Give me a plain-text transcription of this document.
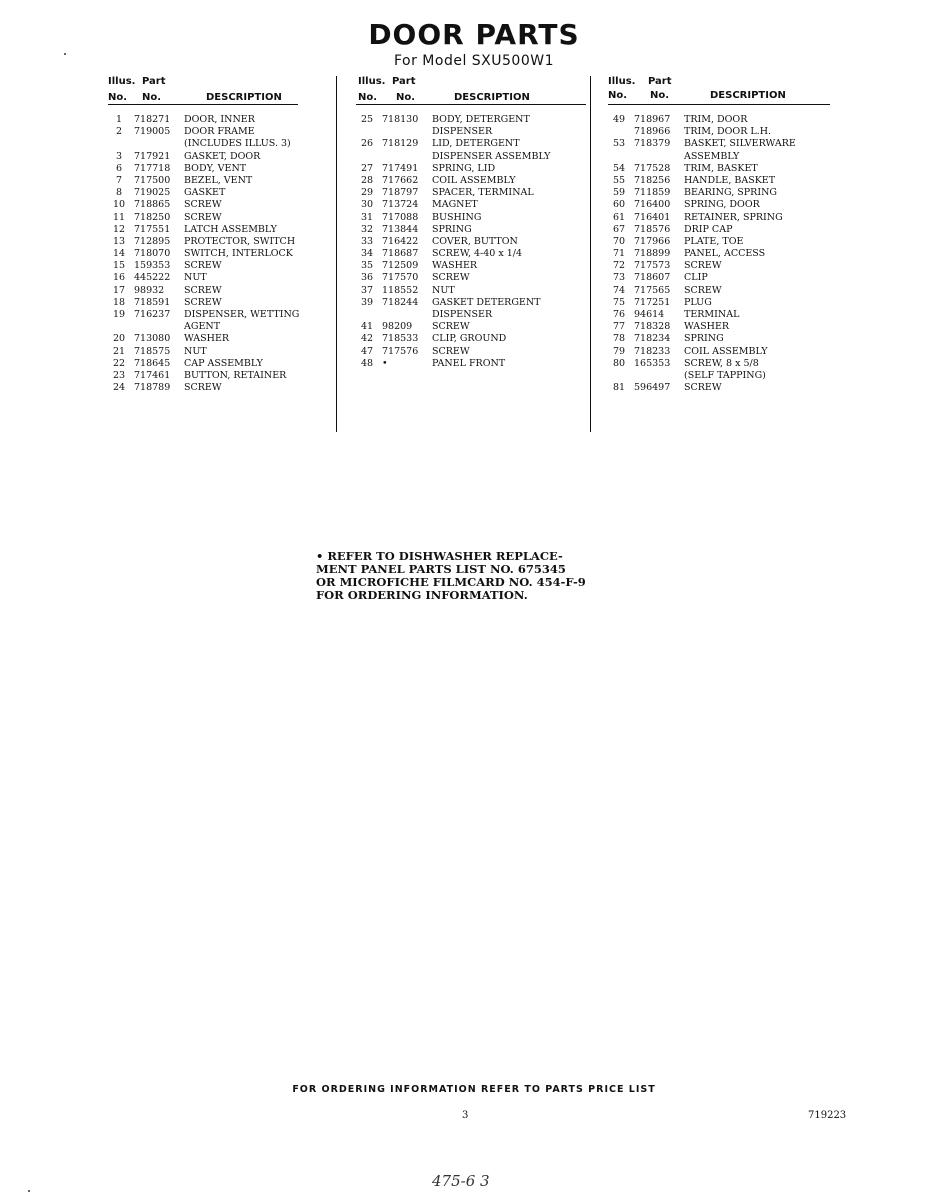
DOOR PARTS
For Model SXU500W1
Illus. Part
No. No.	DESCRIPTION
1	718271	DOOR, INNER
2	719005	DOOR FRAME
(INCLUDES ILLUS. 3)
3	717921	GASKET, DOOR
6	717718	BODY, VENT
7	717500	BEZEL, VENT
8	719025	GASKET
10 718865	SCREW
11 718250	SCREW
12 717551	LATCH ASSEMBLY
13 712895	PROTECTOR, SWITCH
14 718070	SWITCH, INTERLOCK
15 159353	SCREW
16 445222	NUT
17 98932	SCREW
18 718591	SCREW
19 716237	DISPENSER, WETTING
AGENT
20 713080	WASHER
21 718575	NUT
22 718645	CAP ASSEMBLY
23 717461	BUTTON, RETAINER
24 718789	SCREW
Illus. Part
No. No.	DESCRIPTION
25 718130	BODY, DETERGENT
DISPENSER
26 718129	LID, DETERGENT
DISPENSER ASSEMBLY
27 717491	SPRING, LID
28 717662	COIL ASSEMBLY
29 718797	SPACER, TERMINAL
30 713724	MAGNET
31 717088	BUSHING
32 713844	SPRING
33 716422	COVER, BUTTON
34 718687	SCREW, 4-40 x 1/4
35 712509	WASHER
36 717570	SCREW
37 118552	NUT
39 718244	GASKET DETERGENT
DISPENSER
41 98209	SCREW
42 718533	CLIP, GROUND
47 717576	SCREW
48 •	PANEL FRONT
Illus. Part
No. No.	DESCRIPTION
49 718967	TRIM, DOOR
718966	TRIM, DOOR L.H.
53 718379	BASKET, SILVERWARE
ASSEMBLY
54 717528	TRIM, BASKET
55 718256	HANDLE, BASKET
59 711859	BEARING, SPRING
60 716400	SPRING, DOOR
61 716401	RETAINER, SPRING
67 718576	DRIP CAP
70 717966	PLATE, TOE
71 718899	PANEL, ACCESS
72 717573	SCREW
73 718607	CLIP
74 717565	SCREW
75 717251	PLUG
76 94614	TERMINAL
77 718328	WASHER
78 718234	SPRING
79 718233	COIL ASSEMBLY
80 165353	SCREW, 8 x 5/8
(SELF TAPPING)
81 596497	SCREW
• REFER TO DISHWASHER REPLACE-
MENT PANEL PARTS LIST NO. 675345
OR MICROFICHE FILMCARD NO. 454-F-9
FOR ORDERING INFORMATION.
FOR ORDERING INFORMATION REFER TO PARTS PRICE LIST
3	719223
475-6 3
